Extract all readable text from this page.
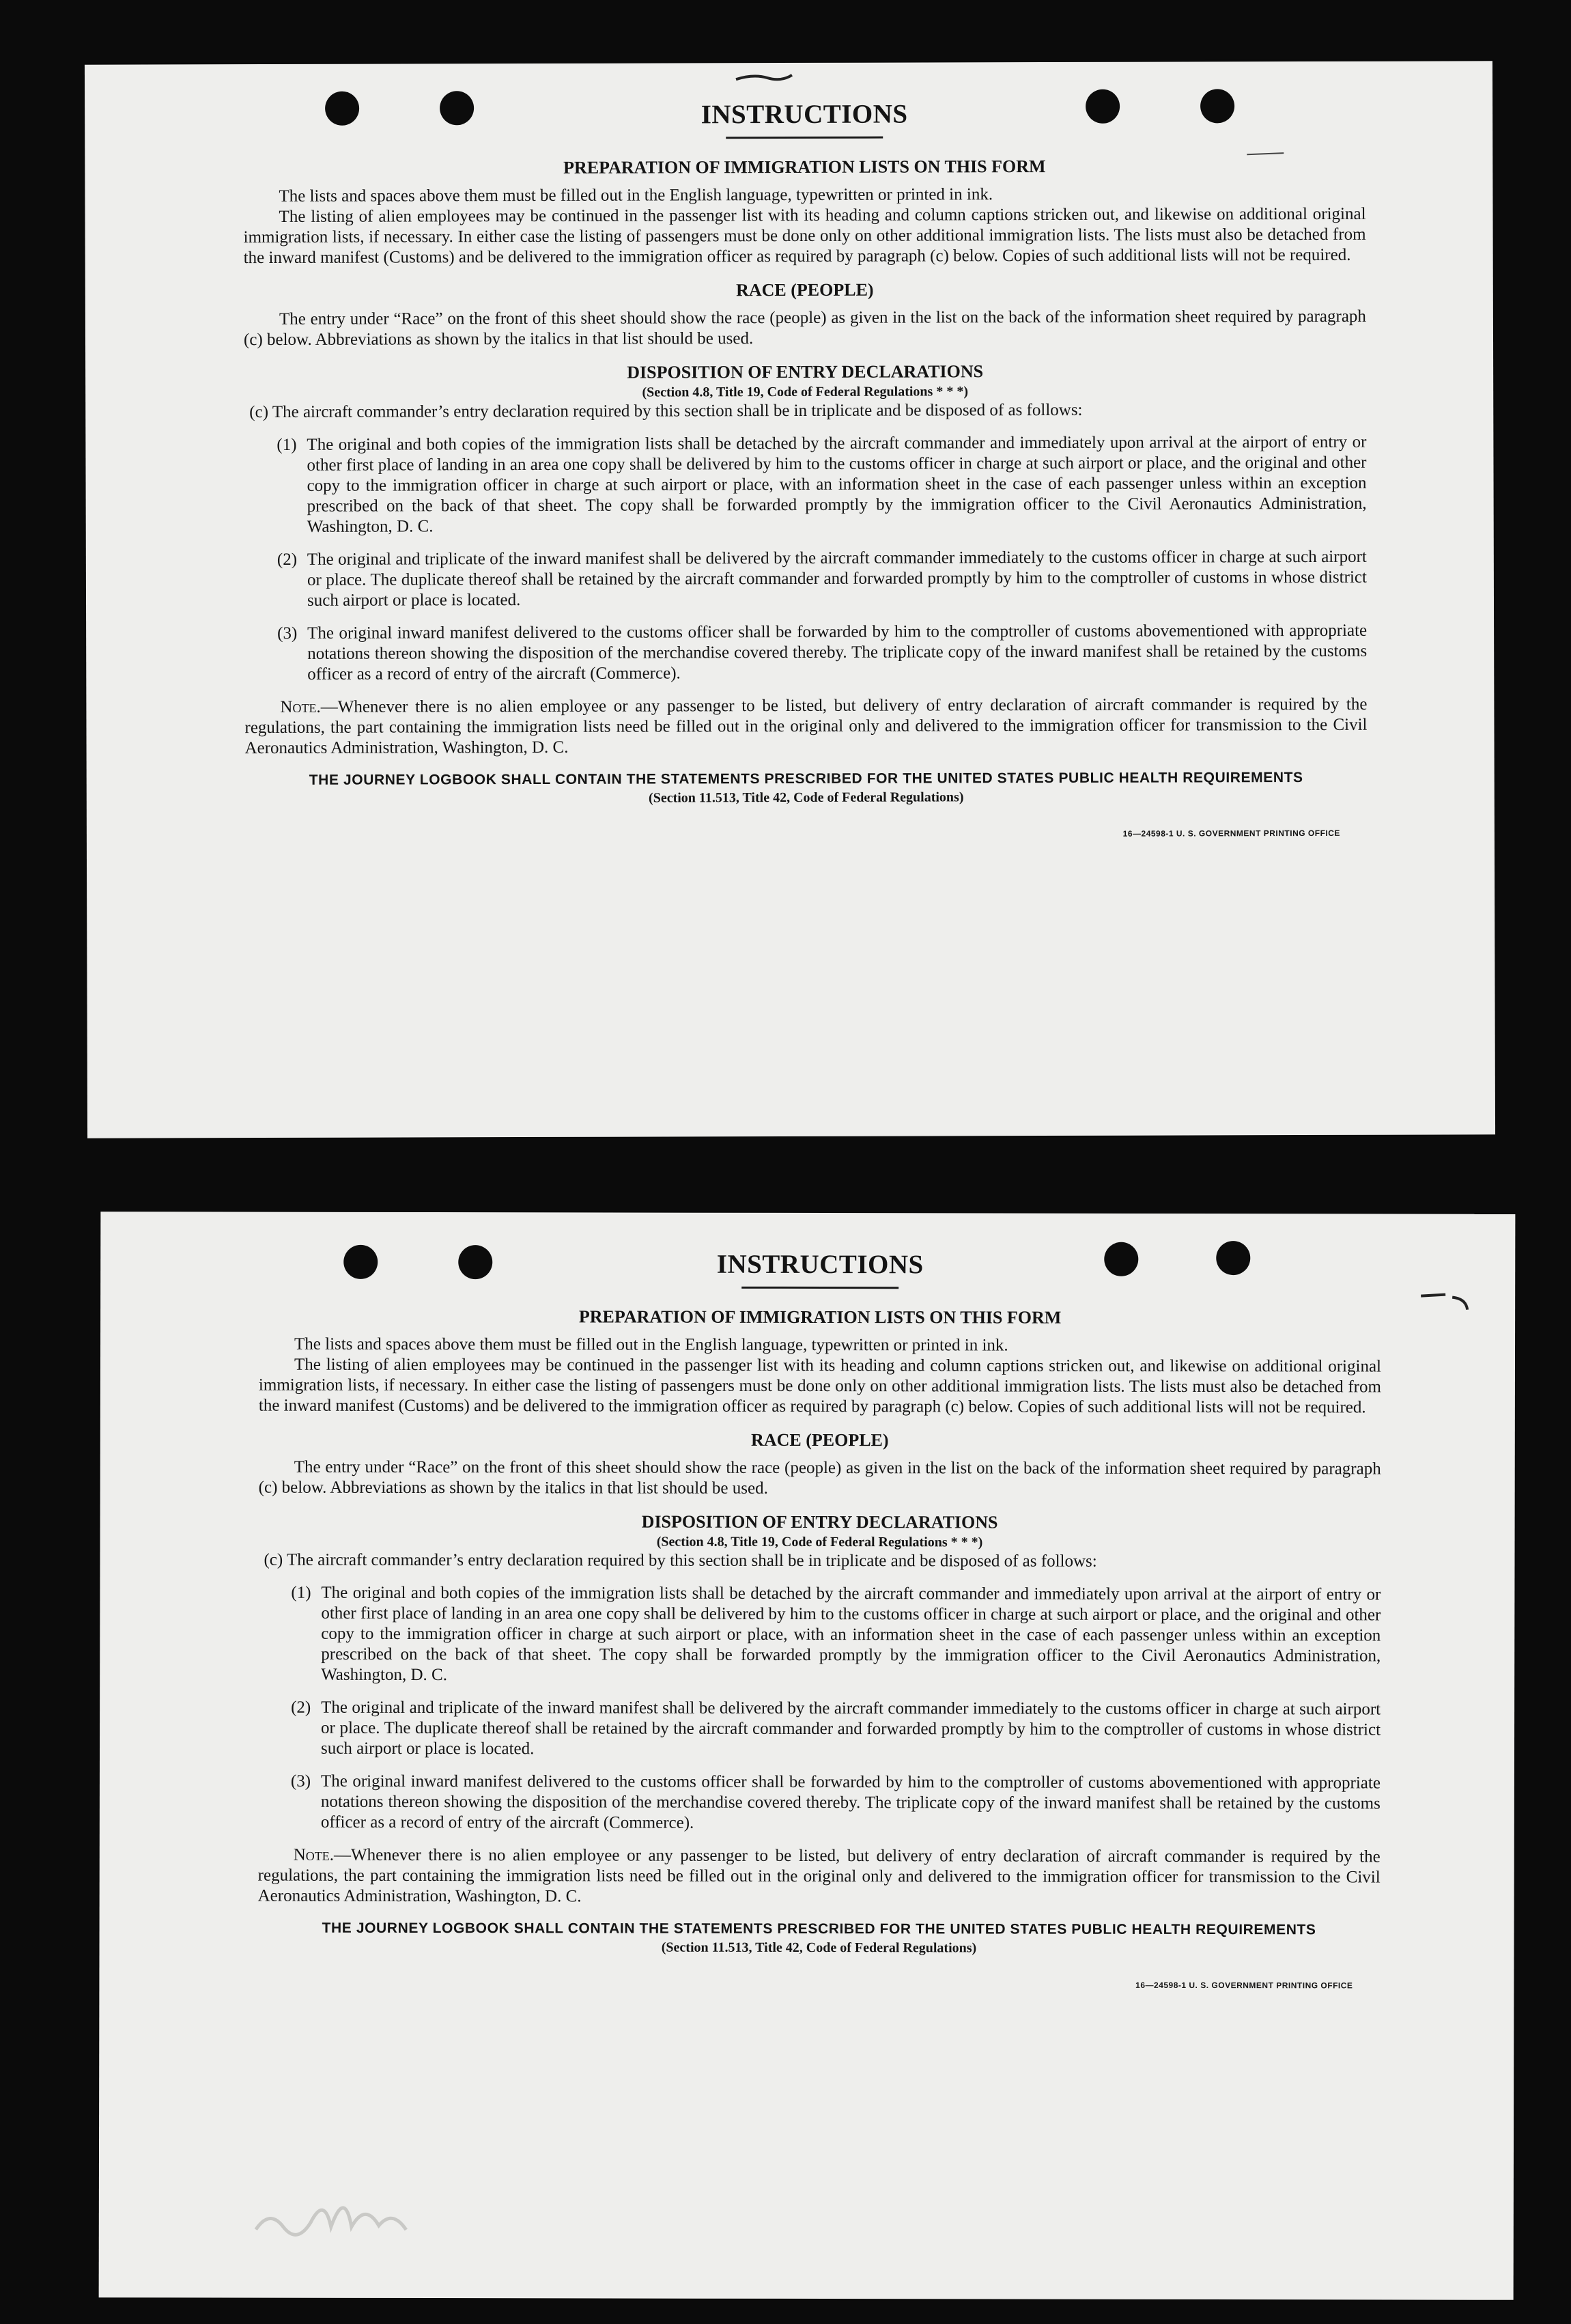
INSTRUCTIONS
PREPARATION OF IMMIGRATION LISTS ON THIS FORM

The lists and spaces above them must be filled out in the English language, typewritten or printed in ink.

The listing of alien employees may be continued in the passenger list with its heading and column captions stricken out, and likewise on additional original immigration lists, if necessary. In either case the listing of passengers must be done only on other additional immigration lists. The lists must also be detached from the inward manifest (Customs) and be delivered to the immigration officer as required by paragraph (c) below. Copies of such additional lists will not be required.

RACE (PEOPLE)

The entry under “Race” on the front of this sheet should show the race (people) as given in the list on the back of the information sheet required by paragraph (c) below. Abbreviations as shown by the italics in that list should be used.

DISPOSITION OF ENTRY DECLARATIONS

(Section 4.8, Title 19, Code of Federal Regulations * * *)

(c) The aircraft commander’s entry declaration required by this section shall be in triplicate and be disposed of as follows:

(1) The original and both copies of the immigration lists shall be detached by the aircraft commander and immediately upon arrival at the airport of entry or other first place of landing in an area one copy shall be delivered by him to the customs officer in charge at such airport or place, and the original and other copy to the immigration officer in charge at such airport or place, with an information sheet in the case of each passenger unless within an exception prescribed on the back of that sheet. The copy shall be forwarded promptly by the immigration officer to the Civil Aeronautics Administration, Washington, D. C.
(2) The original and triplicate of the inward manifest shall be delivered by the aircraft commander immediately to the customs officer in charge at such airport or place. The duplicate thereof shall be retained by the aircraft commander and forwarded promptly by him to the comptroller of customs in whose district such airport or place is located.
(3) The original inward manifest delivered to the customs officer shall be forwarded by him to the comptroller of customs abovementioned with appropriate notations thereon showing the disposition of the merchandise covered thereby. The triplicate copy of the inward manifest shall be retained by the customs officer as a record of entry of the aircraft (Commerce).

Note.—Whenever there is no alien employee or any passenger to be listed, but delivery of entry declaration of aircraft commander is required by the regulations, the part containing the immigration lists need be filled out in the original only and delivered to the immigration officer for transmission to the Civil Aeronautics Administration, Washington, D. C.

THE JOURNEY LOGBOOK SHALL CONTAIN THE STATEMENTS PRESCRIBED FOR THE UNITED STATES PUBLIC HEALTH REQUIREMENTS

(Section 11.513, Title 42, Code of Federal Regulations)

16—24598-1 U. S. GOVERNMENT PRINTING OFFICE

INSTRUCTIONS
PREPARATION OF IMMIGRATION LISTS ON THIS FORM

The lists and spaces above them must be filled out in the English language, typewritten or printed in ink.

The listing of alien employees may be continued in the passenger list with its heading and column captions stricken out, and likewise on additional original immigration lists, if necessary. In either case the listing of passengers must be done only on other additional immigration lists. The lists must also be detached from the inward manifest (Customs) and be delivered to the immigration officer as required by paragraph (c) below. Copies of such additional lists will not be required.

RACE (PEOPLE)

The entry under “Race” on the front of this sheet should show the race (people) as given in the list on the back of the information sheet required by paragraph (c) below. Abbreviations as shown by the italics in that list should be used.

DISPOSITION OF ENTRY DECLARATIONS

(Section 4.8, Title 19, Code of Federal Regulations * * *)

(c) The aircraft commander’s entry declaration required by this section shall be in triplicate and be disposed of as follows:

(1) The original and both copies of the immigration lists shall be detached by the aircraft commander and immediately upon arrival at the airport of entry or other first place of landing in an area one copy shall be delivered by him to the customs officer in charge at such airport or place, and the original and other copy to the immigration officer in charge at such airport or place, with an information sheet in the case of each passenger unless within an exception prescribed on the back of that sheet. The copy shall be forwarded promptly by the immigration officer to the Civil Aeronautics Administration, Washington, D. C.
(2) The original and triplicate of the inward manifest shall be delivered by the aircraft commander immediately to the customs officer in charge at such airport or place. The duplicate thereof shall be retained by the aircraft commander and forwarded promptly by him to the comptroller of customs in whose district such airport or place is located.
(3) The original inward manifest delivered to the customs officer shall be forwarded by him to the comptroller of customs abovementioned with appropriate notations thereon showing the disposition of the merchandise covered thereby. The triplicate copy of the inward manifest shall be retained by the customs officer as a record of entry of the aircraft (Commerce).

Note.—Whenever there is no alien employee or any passenger to be listed, but delivery of entry declaration of aircraft commander is required by the regulations, the part containing the immigration lists need be filled out in the original only and delivered to the immigration officer for transmission to the Civil Aeronautics Administration, Washington, D. C.

THE JOURNEY LOGBOOK SHALL CONTAIN THE STATEMENTS PRESCRIBED FOR THE UNITED STATES PUBLIC HEALTH REQUIREMENTS

(Section 11.513, Title 42, Code of Federal Regulations)

16—24598-1 U. S. GOVERNMENT PRINTING OFFICE
